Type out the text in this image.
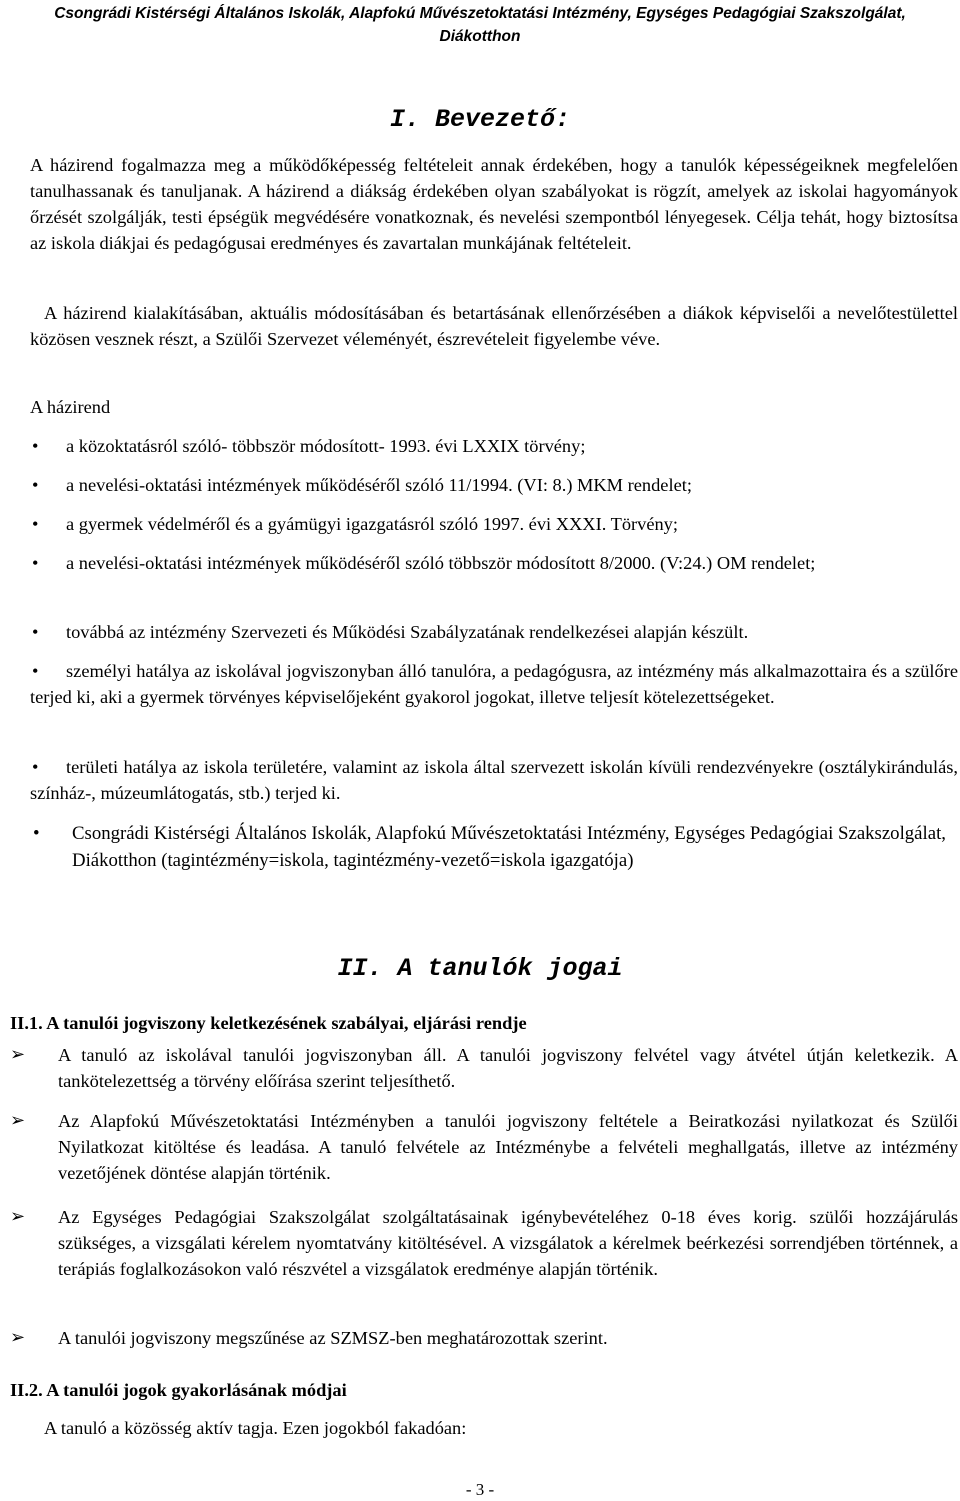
Csongrádi Kistérségi Általános Iskolák, Alapfokú Művészetoktatási Intézmény, Egységes Pedagógiai Szakszolgálat,
Diákotthon
I. Bevezető:
A házirend fogalmazza meg a működőképesség feltételeit annak érdekében, hogy a tanulók képességeiknek megfelelően tanulhassanak és tanuljanak. A házirend a diákság érdekében olyan szabályokat is rögzít, amelyek az iskolai hagyományok őrzését szolgálják, testi épségük megvédésére vonatkoznak, és nevelési szempontból lényegesek. Célja tehát, hogy biztosítsa az iskola diákjai és pedagógusai eredményes és zavartalan munkájának feltételeit.
A házirend kialakításában, aktuális módosításában és betartásának ellenőrzésében a diákok képviselői a nevelőtestülettel közösen vesznek részt, a Szülői Szervezet véleményét, észrevételeit figyelembe véve.
A házirend
• a közoktatásról szóló- többször módosított- 1993. évi LXXIX törvény;
• a nevelési-oktatási intézmények működéséről szóló 11/1994. (VI: 8.) MKM rendelet;
• a gyermek védelméről és a gyámügyi igazgatásról szóló 1997. évi XXXI. Törvény;
•	a nevelési-oktatási intézmények működéséről szóló többször módosított 8/2000. (V:24.) OM rendelet;
• továbbá az intézmény Szervezeti és Működési Szabályzatának rendelkezései alapján készült.
•	személyi hatálya az iskolával jogviszonyban álló tanulóra, a pedagógusra, az intézmény más alkalmazottaira és a szülőre terjed ki, aki a gyermek törvényes képviselőjeként gyakorol jogokat, illetve teljesít kötelezettségeket.
•	területi hatálya az iskola területére, valamint az iskola által szervezett iskolán kívüli rendezvényekre (osztálykirándulás, színház-, múzeumlátogatás, stb.) terjed ki.
• Csongrádi Kistérségi Általános Iskolák, Alapfokú Művészetoktatási Intézmény, Egységes Pedagógiai Szakszolgálat, Diákotthon (tagintézmény=iskola, tagintézmény-vezető=iskola igazgatója)
II. A tanulók jogai
II.1. A tanulói jogviszony keletkezésének szabályai, eljárási rendje
➢ A tanuló az iskolával tanulói jogviszonyban áll. A tanulói jogviszony felvétel vagy átvétel útján keletkezik. A tankötelezettség a törvény előírása szerint teljesíthető.
➢ Az Alapfokú Művészetoktatási Intézményben a tanulói jogviszony feltétele a Beiratkozási nyilatkozat és Szülői Nyilatkozat kitöltése és leadása. A tanuló felvétele az Intézménybe a felvételi meghallgatás, illetve az intézmény vezetőjének döntése alapján történik.
➢ Az Egységes Pedagógiai Szakszolgálat szolgáltatásainak igénybevételéhez 0-18 éves korig. szülői hozzájárulás szükséges, a vizsgálati kérelem nyomtatvány kitöltésével. A vizsgálatok a kérelmek beérkezési sorrendjében történnek, a terápiás foglalkozásokon való részvétel a vizsgálatok eredménye alapján történik.
➢ A tanulói jogviszony megszűnése az SZMSZ-ben meghatározottak szerint.
II.2. A tanulói jogok gyakorlásának módjai
A tanuló a közösség aktív tagja. Ezen jogokból fakadóan:
- 3 -
